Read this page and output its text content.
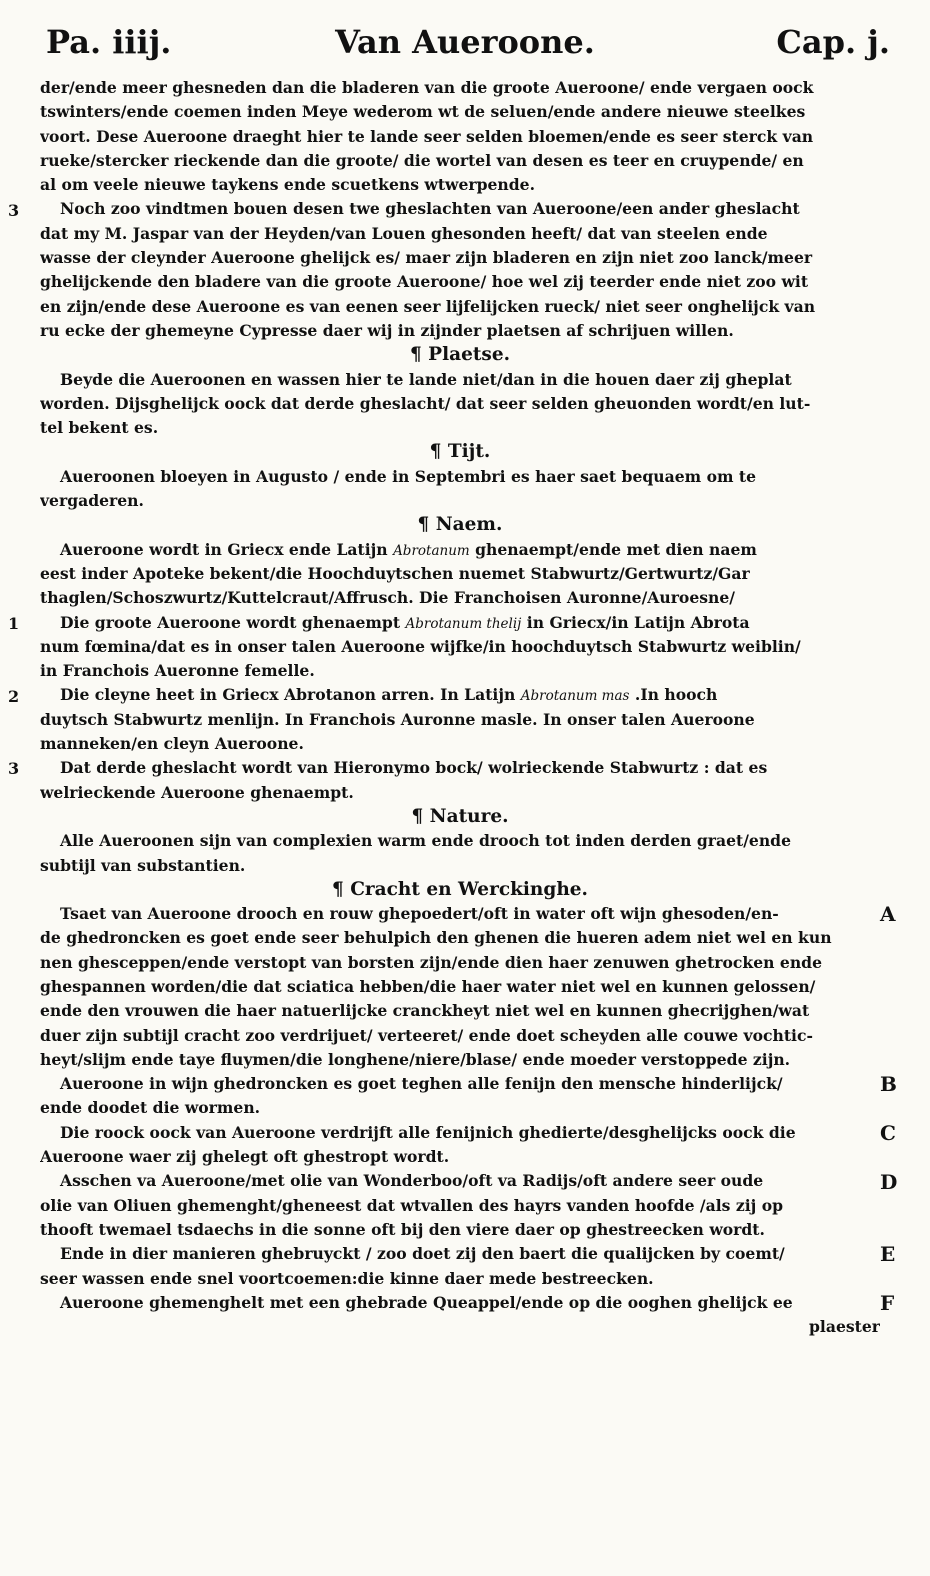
Van Aueroone.
Pa. iiij.	Cap. j.
der/ende meer ghesneden dan die bladeren van die groote Aueroone/ ende vergaen oock
tswinters/ende coemen inden Meye wederom wt de seluen/ende andere nieuwe steelkes
voort. Dese Aueroone draeght hier te lande seer selden bloemen/ende es seer sterck van
rueke/stercker rieckende dan die groote/ die wortel van desen es teer en cruypende/ en
al om veele nieuwe taykens ende scuetkens wtwerpende.
Noch zoo vindtmen bouen desen twe gheslachten van Aueroone/een ander gheslacht
dat my M. Jaspar van der Heyden/van Louen ghesonden heeft/ dat van steelen ende
wasse der cleynder Aueroone ghelijck es/ maer zijn bladeren en zijn niet zoo lanck/meer
ghelijckende den bladere van die groote Aueroone/ hoe wel zij teerder ende niet zoo wit
en zijn/ende dese Aueroone es van eenen seer lijfelijcken rueck/ niet seer onghelijck van
ru ecke der ghemeyne Cypresse daer wij in zijnder plaetsen af schrijuen willen.
¶ Plaetse.
Beyde die Aueroonen en wassen hier te lande niet/dan in die houen daer zij gheplat
worden. Dijsghelijck oock dat derde gheslacht/ dat seer selden gheuonden wordt/en lut-
tel bekent es.
¶ Tijt.
Aueroonen bloeyen in Augusto / ende in Septembri es haer saet bequaem om te
vergaderen.
¶ Naem.
Aueroone wordt in Griecx ende Latijn Abrotanum ghenaempt/ende met dien naem
eest inder Apoteke bekent/die Hoochduytschen nuemet Stabwurtz/Gertwurtz/Gar
thaglen/Schoszwurtz/Kuttelcraut/Affrusch. Die Franchoisen Auronne/Auroesne/
Die groote Aueroone wordt ghenaempt Abrotanum thelij in Griecx/in Latijn Abrota
num fœmina/dat es in onser talen Aueroone wijfke/in hoochduytsch Stabwurtz weiblin/
in Franchois Aueronne femelle.
Die cleyne heet in Griecx Abrotanon arren. In Latijn Abrotanum mas .In hooch
duytsch Stabwurtz menlijn. In Franchois Auronne masle. In onser talen Aueroone
manneken/en cleyn Aueroone.
Dat derde gheslacht wordt van Hieronymo bock/ wolrieckende Stabwurtz : dat es
welrieckende Aueroone ghenaempt.
¶ Nature.
Alle Aueroonen sijn van complexien warm ende drooch tot inden derden graet/ende
subtijl van substantien.
¶ Cracht en Werckinghe.
Tsaet van Aueroone drooch en rouw ghepoedert/oft in water oft wijn ghesoden/en-
de ghedroncken es goet ende seer behulpich den ghenen die hueren adem niet wel en kun
nen ghesceppen/ende verstopt van borsten zijn/ende dien haer zenuwen ghetrocken ende
ghespannen worden/die dat sciatica hebben/die haer water niet wel en kunnen gelossen/
ende den vrouwen die haer natuerlijcke cranckheyt niet wel en kunnen ghecrijghen/wat
duer zijn subtijl cracht zoo verdrijuet/ verteeret/ ende doet scheyden alle couwe vochtic-
heyt/slijm ende taye fluymen/die longhene/niere/blase/ ende moeder verstoppede zijn.
Aueroone in wijn ghedroncken es goet teghen alle fenijn den mensche hinderlijck/
ende doodet die wormen.
Die roock oock van Aueroone verdrijft alle fenijnich ghedierte/desghelijcks oock die
Aueroone waer zij ghelegt oft ghestropt wordt.
Asschen va Aueroone/met olie van Wonderboo/oft va Radijs/oft andere seer oude
olie van Oliuen ghemenght/gheneest dat wtvallen des hayrs vanden hoofde /als zij op
thooft twemael tsdaechs in die sonne oft bij den viere daer op ghestreecken wordt.
Ende in dier manieren ghebruyckt / zoo doet zij den baert die qualijcken by coemt/
seer wassen ende snel voortcoemen:die kinne daer mede bestreecken.
Aueroone ghemenghelt met een ghebrade Queappel/ende op die ooghen ghelijck ee
plaester
3
1
2
3
A
B
C
D
E
F
